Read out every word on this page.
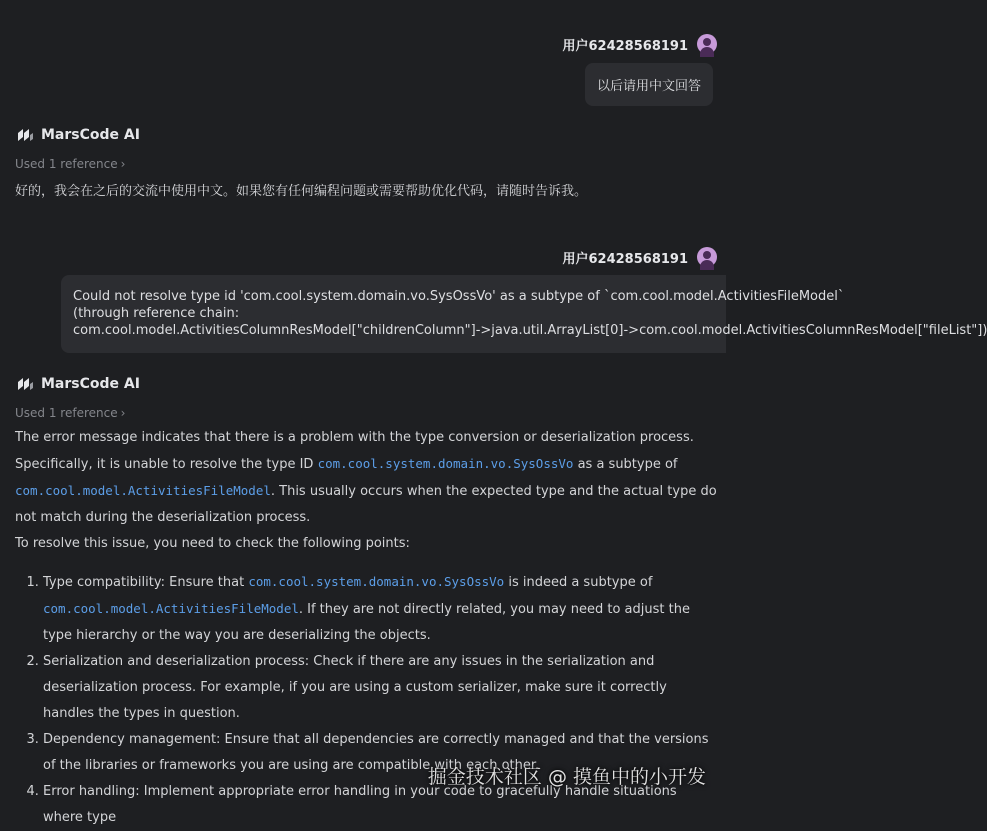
用户62428568191
以后请用中文回答
MarsCode AI
Used 1 reference ›
好的，我会在之后的交流中使用中文。如果您有任何编程问题或需要帮助优化代码，请随时告诉我。
用户62428568191
Could not resolve type id 'com.cool.system.domain.vo.SysOssVo' as a subtype of `com.cool.model.ActivitiesFileModel`
(through reference chain:
com.cool.model.ActivitiesColumnResModel["childrenColumn"]->java.util.ArrayList[0]->com.cool.model.ActivitiesColumnResModel["fileList"])
MarsCode AI
Used 1 reference ›

The error message indicates that there is a problem with the type conversion or deserialization process. Specifically, it is unable to resolve the type ID com.cool.system.domain.vo.SysOssVo as a subtype of com.cool.model.ActivitiesFileModel. This usually occurs when the expected type and the actual type do not match during the deserialization process.

To resolve this issue, you need to check the following points:

1. Type compatibility: Ensure that com.cool.system.domain.vo.SysOssVo is indeed a subtype of com.cool.model.ActivitiesFileModel. If they are not directly related, you may need to adjust the type hierarchy or the way you are deserializing the objects.
2. Serialization and deserialization process: Check if there are any issues in the serialization and deserialization process. For example, if you are using a custom serializer, make sure it correctly handles the types in question.
3. Dependency management: Ensure that all dependencies are correctly managed and that the versions of the libraries or frameworks you are using are compatible with each other.
4. Error handling: Implement appropriate error handling in your code to gracefully handle situations where type
掘金技术社区 @ 摸鱼中的小开发
